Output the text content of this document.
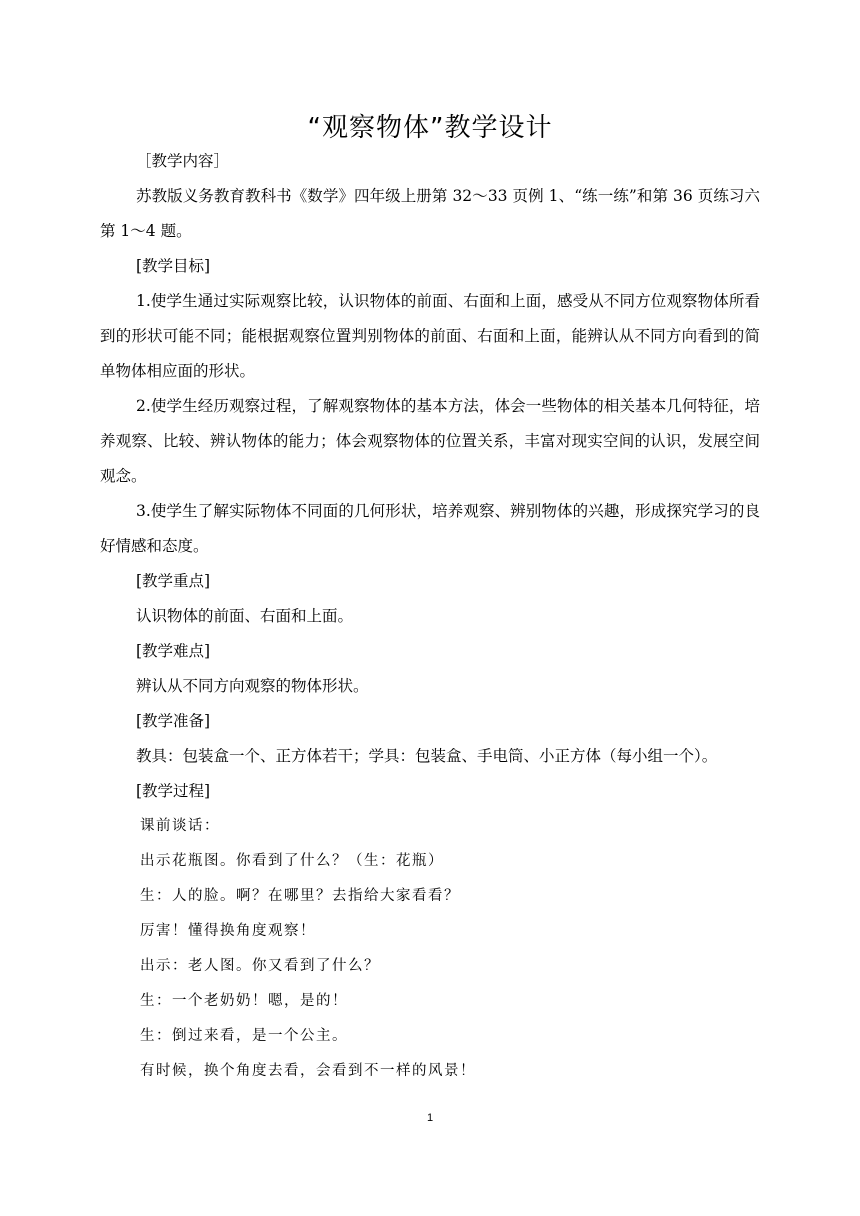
“观察物体”教学设计

［教学内容］

苏教版义务教育教科书《数学》四年级上册第 32～33 页例 1、“练一练”和第 36 页练习六第 1～4 题。

[教学目标]

1.使学生通过实际观察比较，认识物体的前面、右面和上面，感受从不同方位观察物体所看到的形状可能不同；能根据观察位置判别物体的前面、右面和上面，能辨认从不同方向看到的简单物体相应面的形状。

2.使学生经历观察过程，了解观察物体的基本方法，体会一些物体的相关基本几何特征，培养观察、比较、辨认物体的能力；体会观察物体的位置关系，丰富对现实空间的认识，发展空间观念。

3.使学生了解实际物体不同面的几何形状，培养观察、辨别物体的兴趣，形成探究学习的良好情感和态度。

[教学重点]

认识物体的前面、右面和上面。

[教学难点]

辨认从不同方向观察的物体形状。

[教学准备]

教具：包装盒一个、正方体若干；学具：包装盒、手电筒、小正方体（每小组一个）。

[教学过程]

课前谈话：

出示花瓶图。你看到了什么？（生：花瓶）

生：人的脸。啊？在哪里？去指给大家看看？

厉害！懂得换角度观察！

出示：老人图。你又看到了什么？

生：一个老奶奶！嗯，是的！

生：倒过来看，是一个公主。

有时候，换个角度去看，会看到不一样的风景！

1
